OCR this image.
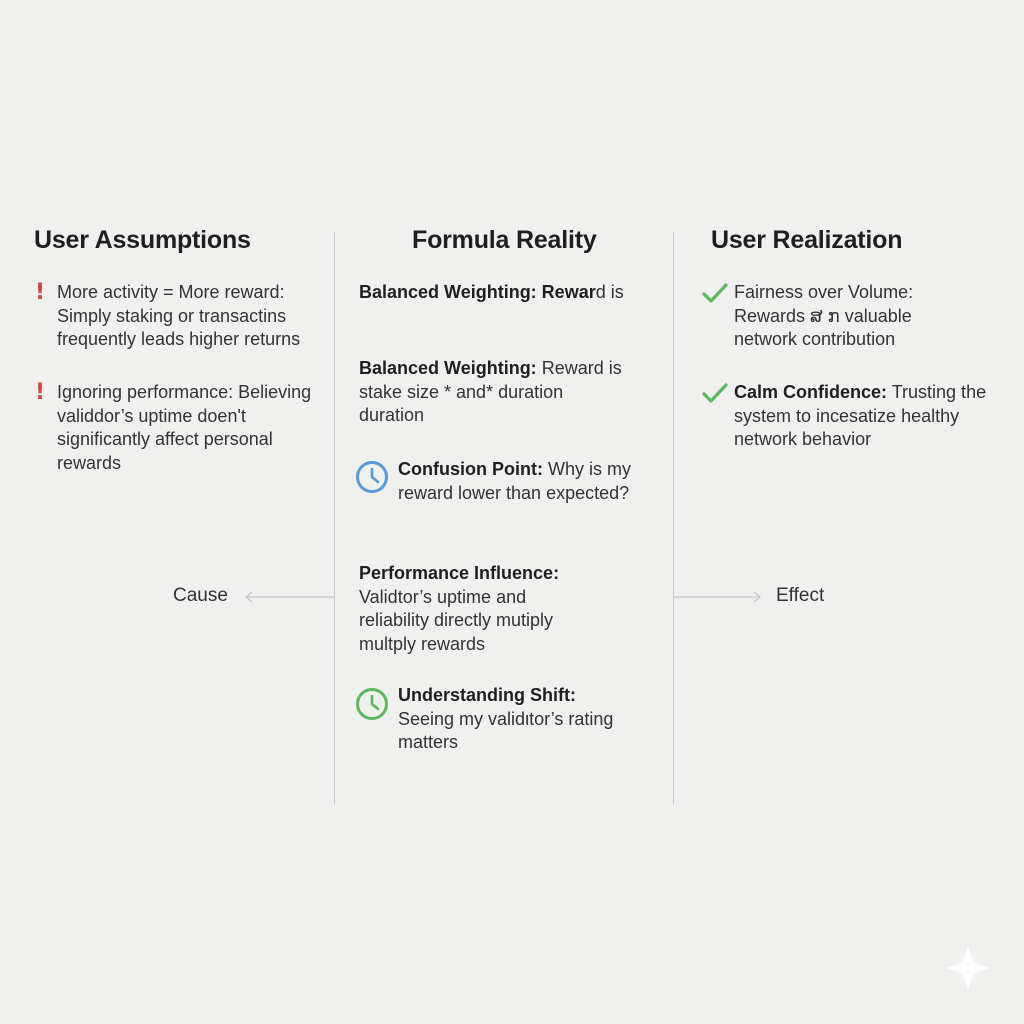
User Assumptions	Formula Reality	User Realization
! More activity = More reward:
Simply staking or transactins
frequently leads higher returns
! Ignoring performance: Believing
validdor’s uptime doen't
significantly affect personal
rewards
Balanced Weighting: Reward is
Balanced Weighting: Reward is
stake size * and* duration
duration
Confusion Point: Why is my
reward lower than expected?
Performance Influence:
Validtor’s uptime and
reliability directly mutiply
multply rewards
Understanding Shift:
Seeing my validιtor’s rating
matters
Fairness over Volume:
Rewards ສ ກ valuable
network contribution
Calm Confidence: Trusting the
system to incesatize healthy
network behavior
Cause	Effect
